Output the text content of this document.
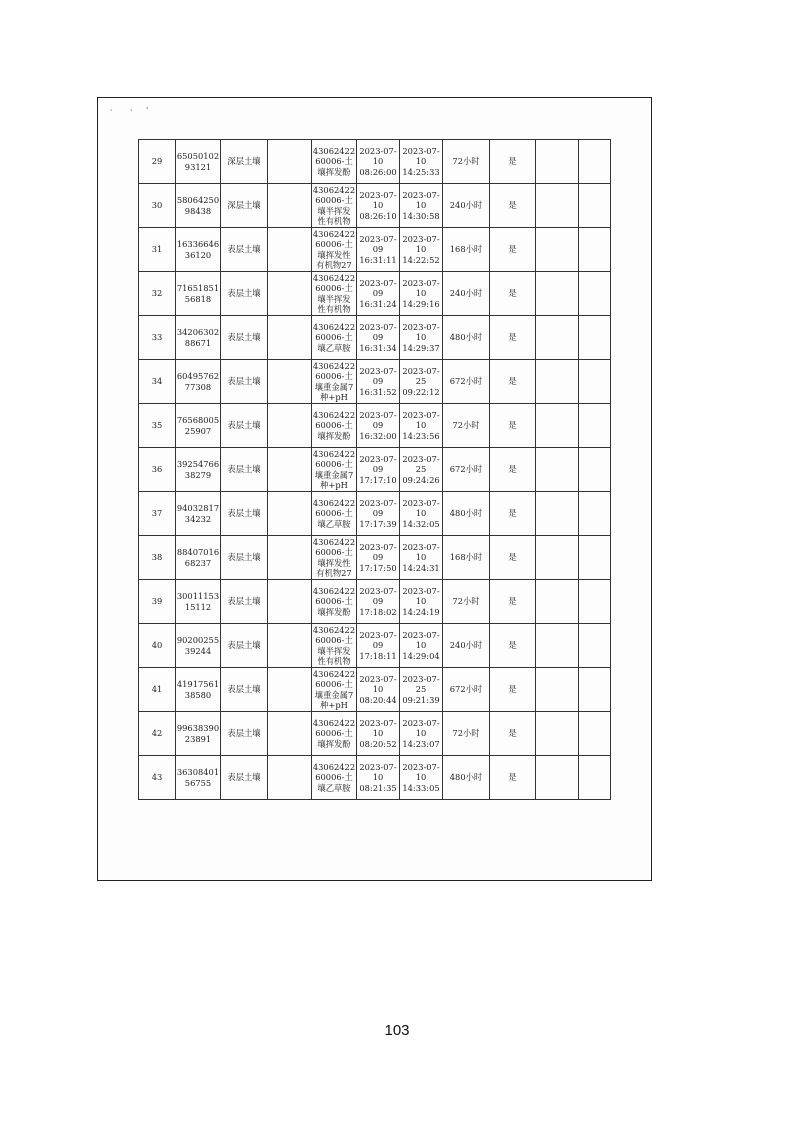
· · '
29	65050102
93121	深层土壤		43062422
60006-土
壤挥发酚	2023-07-
10
08:26:00	2023-07-
10
14:25:33	72小时	是		
30	58064250
98438	深层土壤		43062422
60006-土
壤半挥发
性有机物	2023-07-
10
08:26:10	2023-07-
10
14:30:58	240小时	是		
31	16336646
36120	表层土壤		43062422
60006-土
壤挥发性
有机物27	2023-07-
09
16:31:11	2023-07-
10
14:22:52	168小时	是		
32	71651851
56818	表层土壤		43062422
60006-土
壤半挥发
性有机物	2023-07-
09
16:31:24	2023-07-
10
14:29:16	240小时	是		
33	34206302
88671	表层土壤		43062422
60006-土
壤乙草胺	2023-07-
09
16:31:34	2023-07-
10
14:29:37	480小时	是		
34	60495762
77308	表层土壤		43062422
60006-土
壤重金属7
种+pH	2023-07-
09
16:31:52	2023-07-
25
09:22:12	672小时	是		
35	76568005
25907	表层土壤		43062422
60006-土
壤挥发酚	2023-07-
09
16:32:00	2023-07-
10
14:23:56	72小时	是		
36	39254766
38279	表层土壤		43062422
60006-土
壤重金属7
种+pH	2023-07-
09
17:17:10	2023-07-
25
09:24:26	672小时	是		
37	94032817
34232	表层土壤		43062422
60006-土
壤乙草胺	2023-07-
09
17:17:39	2023-07-
10
14:32:05	480小时	是		
38	88407016
68237	表层土壤		43062422
60006-土
壤挥发性
有机物27	2023-07-
09
17:17:50	2023-07-
10
14:24:31	168小时	是		
39	30011153
15112	表层土壤		43062422
60006-土
壤挥发酚	2023-07-
09
17:18:02	2023-07-
10
14:24:19	72小时	是		
40	90200255
39244	表层土壤		43062422
60006-土
壤半挥发
性有机物	2023-07-
09
17:18:11	2023-07-
10
14:29:04	240小时	是		
41	41917561
38580	表层土壤		43062422
60006-土
壤重金属7
种+pH	2023-07-
10
08:20:44	2023-07-
25
09:21:39	672小时	是		
42	99638390
23891	表层土壤		43062422
60006-土
壤挥发酚	2023-07-
10
08:20:52	2023-07-
10
14:23:07	72小时	是		
43	36308401
56755	表层土壤		43062422
60006-土
壤乙草胺	2023-07-
10
08:21:35	2023-07-
10
14:33:05	480小时	是		
103
